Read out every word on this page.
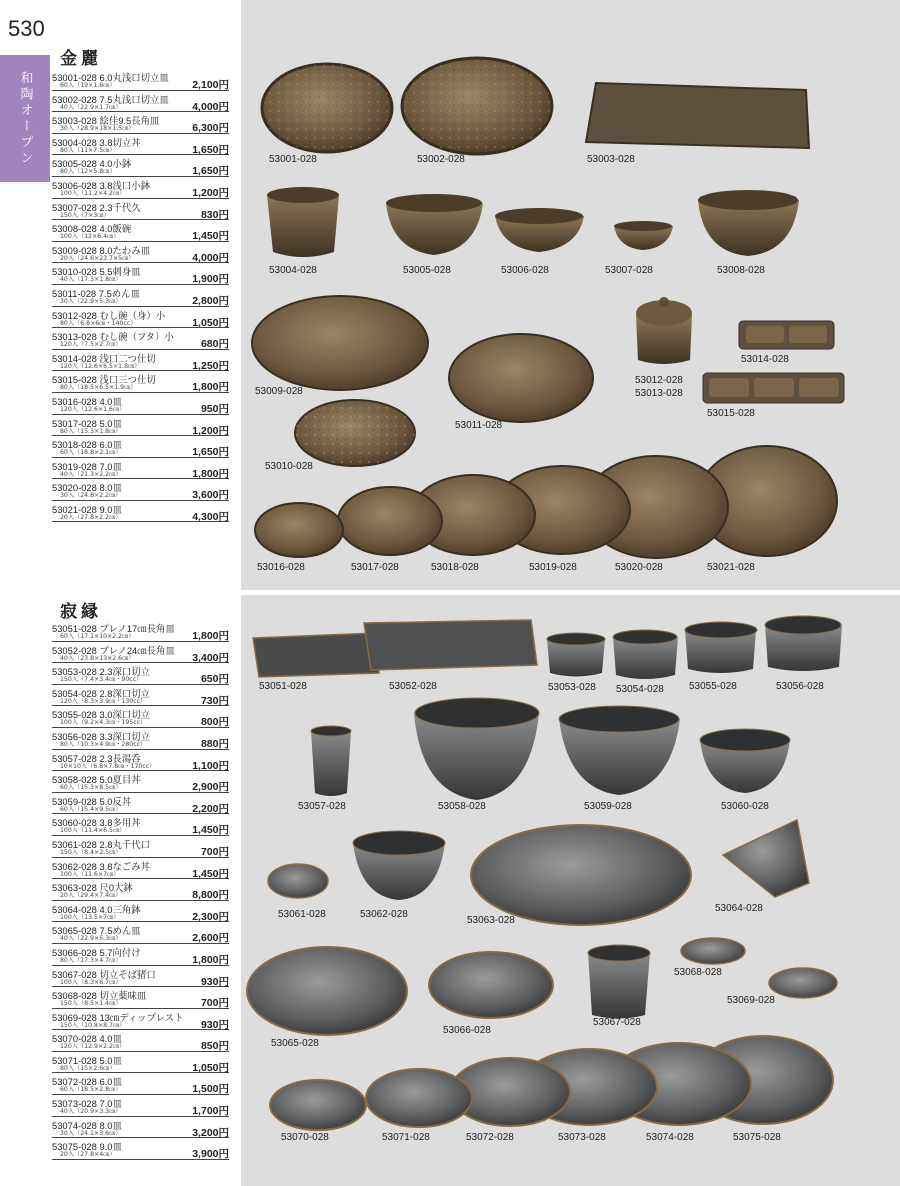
530
和陶オープン
金麗
53001-028 6.0丸浅口切立皿
60入（19×1.6㎝）	2,100円
53002-028 7.5丸浅口切立皿
40入（22.9×1.7㎝）	4,000円
53003-028 絵佳9.5長角皿
30入（28.9×18×1.5㎝）	6,300円
53004-028 3.8切立丼
80入（11×7.5㎝）	1,650円
53005-028 4.0小鉢
80入（12×5.8㎝）	1,650円
53006-028 3.8浅口小鉢
100入（11.2×4.2㎝）	1,200円
53007-028 2.3千代久
150入（7×3㎝）	830円
53008-028 4.0飯碗
100入（12×6.4㎝）	1,450円
53009-028 8.0たわみ皿
20入（24.6×23.7×5㎝）	4,000円
53010-028 5.5刺身皿
40入（17.3×1.8㎝）	1,900円
53011-028 7.5めん皿
30入（22.9×5.3㎝）	2,800円
53012-028 むし碗（身）小
80入（6.8×6㎝・140cc）	1,050円
53013-028 むし碗（フタ）小
120入（7.5×2.7㎝）	680円
53014-028 浅口二つ仕切
120入（12.6×6.5×1.8㎝）	1,250円
53015-028 浅口三つ仕切
80入（18.5×6.5×1.9㎝）	1,800円
53016-028 4.0皿
120入（12.6×1.6㎝）	950円
53017-028 5.0皿
80入（15.3×1.8㎝）	1,200円
53018-028 6.0皿
60入（18.8×2.1㎝）	1,650円
53019-028 7.0皿
40入（21.3×2.2㎝）	1,800円
53020-028 8.0皿
30入（24.8×2.2㎝）	3,600円
53021-028 9.0皿
20入（27.8×2.2㎝）	4,300円
寂縁
53051-028 プレノ17㎝長角皿
60入（17.1×10×2.2㎝）	1,800円
53052-028 プレノ24㎝長角皿
40入（23.8×13×2.6㎝）	3,400円
53053-028 2.3深口切立
150入（7.4×3.4㎝・90cc）	650円
53054-028 2.8深口切立
120入（8.3×3.9㎝・130cc）	730円
53055-028 3.0深口切立
100入（9.2×4.3㎝・195cc）	800円
53056-028 3.3深口切立
80入（10.3×4.9㎝・280cc）	880円
53057-028 2.3長湯呑
10×10入（6.8×7.8㎝・170cc）	1,100円
53058-028 5.0夏目丼
60入（15.3×8.5㎝）	2,900円
53059-028 5.0反丼
60入（15.4×9.5㎝）	2,200円
53060-028 3.8多用丼
100入（11.4×6.5㎝）	1,450円
53061-028 2.8丸千代口
150入（8.4×2.5㎝）	700円
53062-028 3.8なごみ丼
100入（11.6×7㎝）	1,450円
53063-028 尺0大鉢
20入（29.4×7.4㎝）	8,800円
53064-028 4.0三角鉢
100入（13.5×7㎝）	2,300円
53065-028 7.5めん皿
40入（22.9×5.3㎝）	2,600円
53066-028 5.7向付け
80入（17.3×4.7㎝）	1,800円
53067-028 切立そば猪口
100入（8.3×6.7㎝）	930円
53068-028 切立薬味皿
150入（8.5×1.4㎝）	700円
53069-028 13㎝ディップレスト
150入（10.8×8.7㎝）	930円
53070-028 4.0皿
120入（12.9×2.2㎝）	850円
53071-028 5.0皿
80入（15×2.6㎝）	1,050円
53072-028 6.0皿
60入（18.5×2.8㎝）	1,500円
53073-028 7.0皿
40入（20.9×3.3㎝）	1,700円
53074-028 8.0皿
30入（24.1×3.6㎝）	3,200円
53075-028 9.0皿
20入（27.8×4㎝）	3,900円
53001-028	53002-028	53003-028
53004-028	53005-028	53006-028	53007-028	53008-028
53009-028
53012-028
53013-028
53014-028
53015-028
53011-028
53010-028
53016-028	53017-028	53018-028	53019-028	53020-028	53021-028
53051-028	53052-028	53053-028 53054-028	53055-028	53056-028
53057-028	53058-028	53059-028	53060-028
53061-028	53062-028
53063-028
53064-028
53068-028
53069-028
53065-028
53066-028
53067-028
53070-028	53071-028	53072-028	53073-028	53074-028	53075-028
